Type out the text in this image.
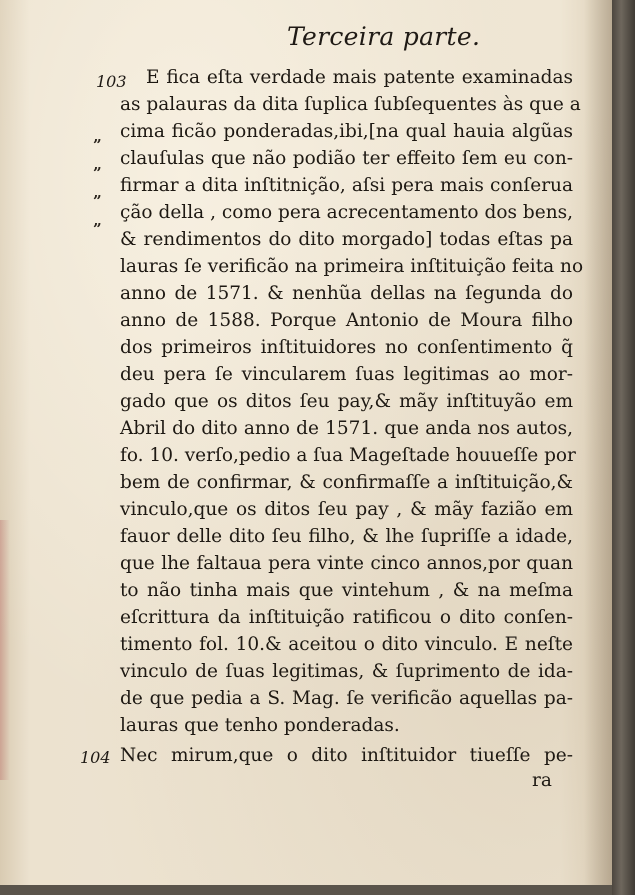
Terceira parte.
103
104
”
”
”
”
E fica eſta verdade mais patente examinadas
as palauras da dita ſuplica ſubſequentes às que a
cima ficão ponderadas,ibi,[na qual hauia algũas
clauſulas que não podião ter effeito ſem eu con-
firmar a dita inſtitnição, aſsi pera mais conſerua
ção della , como pera acrecentamento dos bens,
& rendimentos do dito morgado] todas eſtas pa
lauras ſe verificão na primeira inſtituição feita no
anno de 1571. & nenhũa dellas na ſegunda do
anno de 1588. Porque Antonio de Moura filho
dos primeiros inſtituidores no conſentimento q̃
deu pera ſe vincularem ſuas legitimas ao mor-
gado que os ditos ſeu pay,& mãy inſtituyão em
Abril do dito anno de 1571. que anda nos autos,
fo. 10. verſo,pedio a ſua Mageſtade houueſſe por
bem de confirmar, & confirmaſſe a inſtituição,&
vinculo,que os ditos ſeu pay , & mãy fazião em
fauor delle dito ſeu filho, & lhe ſupriſſe a idade,
que lhe faltaua pera vinte cinco annos,por quan
to não tinha mais que vintehum , & na meſma
eſcrittura da inſtituição ratificou o dito conſen-
timento fol. 10.& aceitou o dito vinculo. E neſte
vinculo de ſuas legitimas, & ſuprimento de ida-
de que pedia a S. Mag. ſe verificão aquellas pa-
lauras que tenho ponderadas.
Nec mirum,que o dito inſtituidor tiueſſe pe-
ra
